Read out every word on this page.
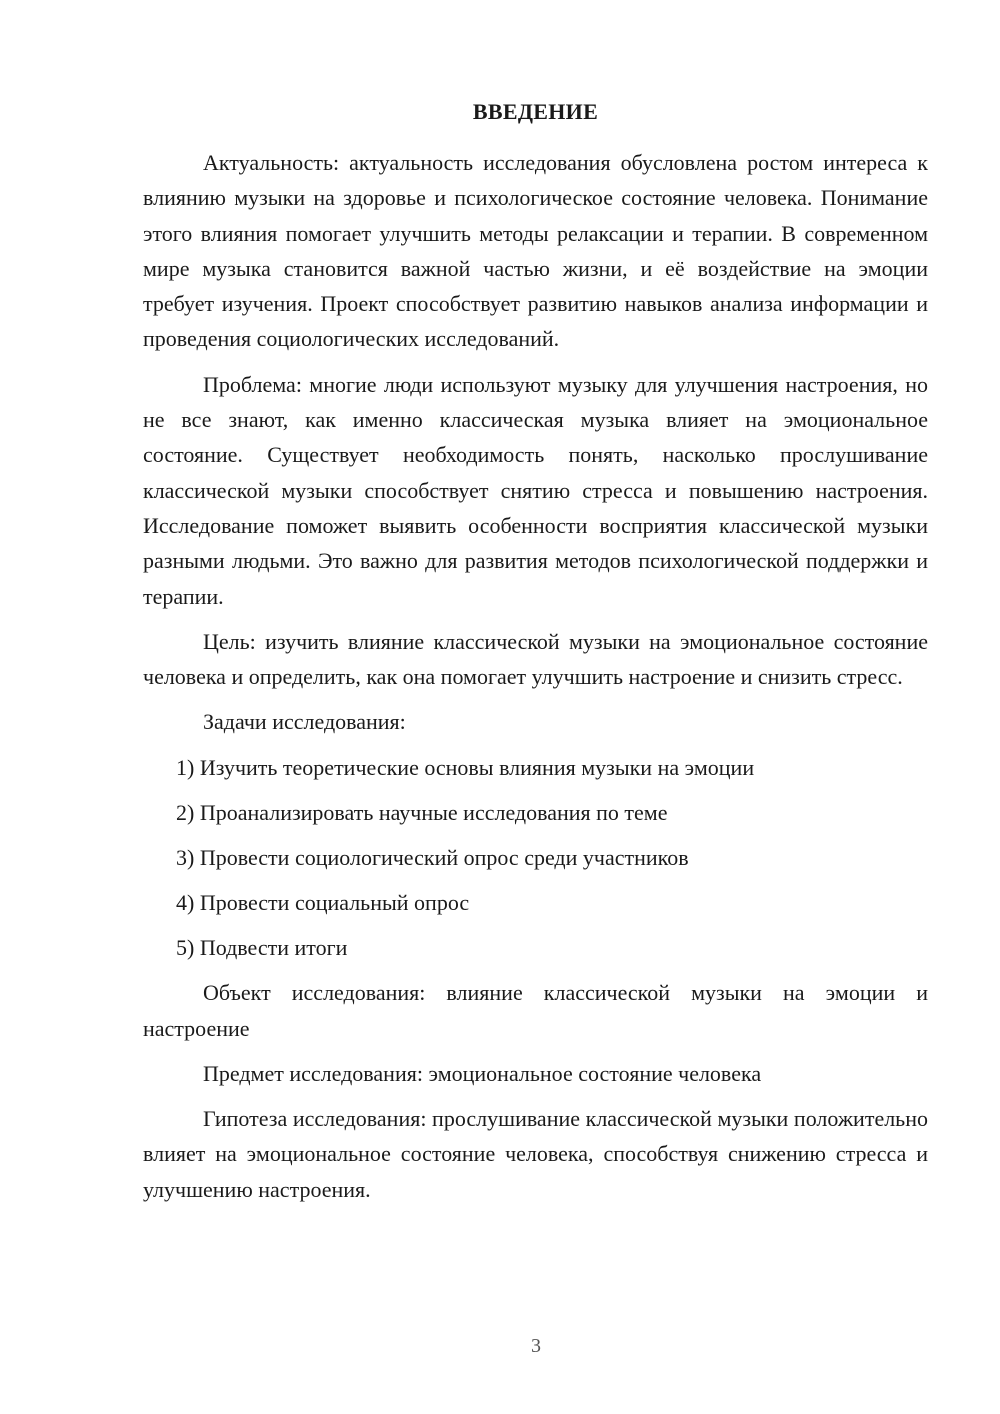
ВВЕДЕНИЕ

Актуальность: актуальность исследования обусловлена ростом интереса к влиянию музыки на здоровье и психологическое состояние человека. Понимание этого влияния помогает улучшить методы релаксации и терапии. В современном мире музыка становится важной частью жизни, и её воздействие на эмоции требует изучения. Проект способствует развитию навыков анализа информации и проведения социологических исследований.

Проблема: многие люди используют музыку для улучшения настроения, но не все знают, как именно классическая музыка влияет на эмоциональное состояние. Существует необходимость понять, насколько прослушивание классической музыки способствует снятию стресса и повышению настроения. Исследование поможет выявить особенности восприятия классической музыки разными людьми. Это важно для развития методов психологической поддержки и терапии.

Цель: изучить влияние классической музыки на эмоциональное состояние человека и определить, как она помогает улучшить настроение и снизить стресс.

Задачи исследования:

1) Изучить теоретические основы влияния музыки на эмоции
2) Проанализировать научные исследования по теме
3) Провести социологический опрос среди участников
4) Провести социальный опрос
5) Подвести итоги

Объект исследования: влияние классической музыки на эмоции и настроение

Предмет исследования: эмоциональное состояние человека

Гипотеза исследования: прослушивание классической музыки положительно влияет на эмоциональное состояние человека, способствуя снижению стресса и улучшению настроения.

3
